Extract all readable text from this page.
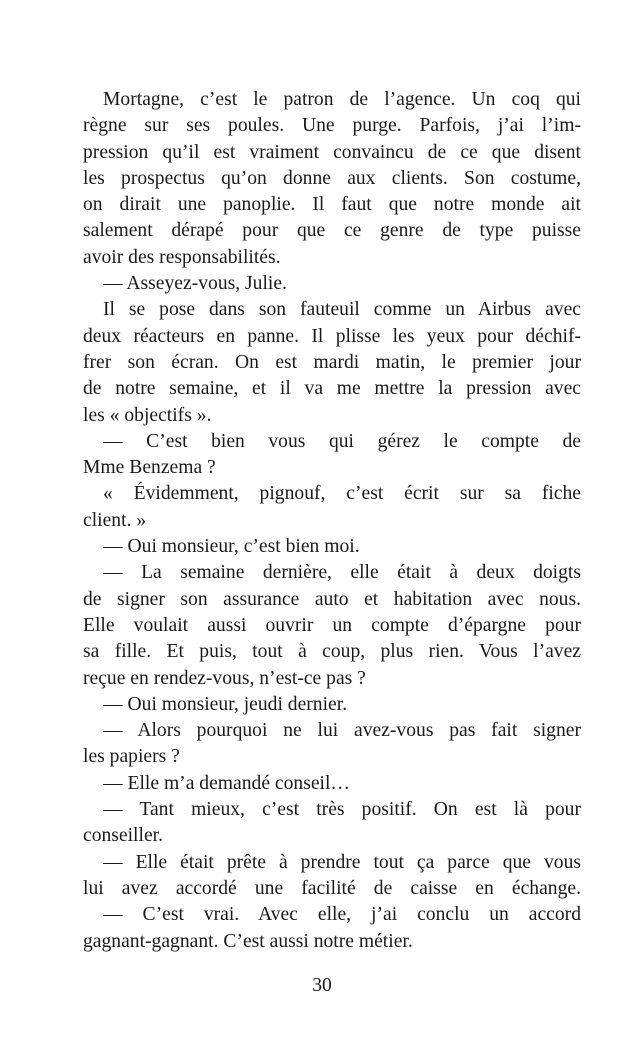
Mortagne, c’est le patron de l’agence. Un coq qui
règne sur ses poules. Une purge. Parfois, j’ai l’im-
pression qu’il est vraiment convaincu de ce que disent
les prospectus qu’on donne aux clients. Son costume,
on dirait une panoplie. Il faut que notre monde ait
salement dérapé pour que ce genre de type puisse
avoir des responsabilités.
— Asseyez-vous, Julie.
Il se pose dans son fauteuil comme un Airbus avec
deux réacteurs en panne. Il plisse les yeux pour déchif-
frer son écran. On est mardi matin, le premier jour
de notre semaine, et il va me mettre la pression avec
les « objectifs ».
— C’est bien vous qui gérez le compte de
Mme Benzema ?
« Évidemment, pignouf, c’est écrit sur sa fiche
client. »
— Oui monsieur, c’est bien moi.
— La semaine dernière, elle était à deux doigts
de signer son assurance auto et habitation avec nous.
Elle voulait aussi ouvrir un compte d’épargne pour
sa fille. Et puis, tout à coup, plus rien. Vous l’avez
reçue en rendez-vous, n’est-ce pas ?
— Oui monsieur, jeudi dernier.
— Alors pourquoi ne lui avez-vous pas fait signer
les papiers ?
— Elle m’a demandé conseil…
— Tant mieux, c’est très positif. On est là pour
conseiller.
— Elle était prête à prendre tout ça parce que vous
lui avez accordé une facilité de caisse en échange.
— C’est vrai. Avec elle, j’ai conclu un accord
gagnant-gagnant. C’est aussi notre métier.
30
